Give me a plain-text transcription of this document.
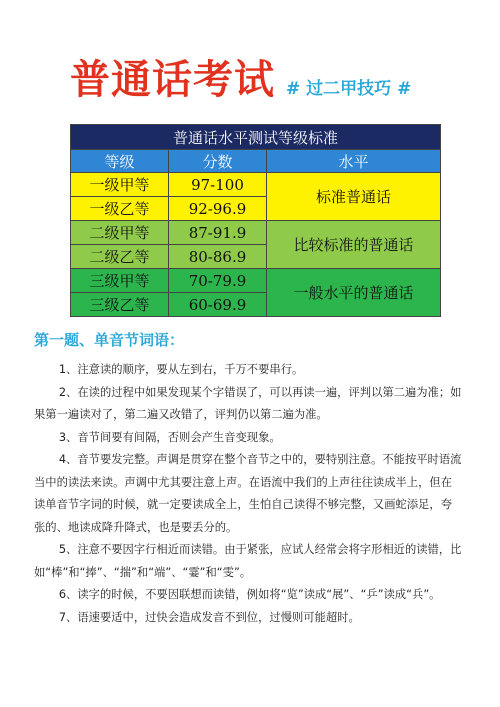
普通话考试 # 过二甲技巧 #
普通话水平测试等级标准		
等级	分数	水平
一级甲等	97-100	标准普通话
一级乙等	92-96.9	
二级甲等	87-91.9	比较标准的普通话
二级乙等	80-86.9	
三级甲等	70-79.9	一般水平的普通话
三级乙等	60-69.9	
第一题、单音节词语：

1、注意读的顺序，要从左到右，千万不要串行。

2、在读的过程中如果发现某个字错误了，可以再读一遍，评判以第二遍为准；如
果第一遍读对了，第二遍又改错了，评判仍以第二遍为准。

3、音节间要有间隔，否则会产生音变现象。

4、音节要发完整。声调是贯穿在整个音节之中的，要特别注意。不能按平时语流
当中的读法来读。声调中尤其要注意上声。在语流中我们的上声往往读成半上，但在
读单音节字词的时候，就一定要读成全上，生怕自己读得不够完整，又画蛇添足，夸
张的、地读成降升降式，也是要丢分的。

5、注意不要因字行相近而读错。由于紧张，应试人经常会将字形相近的读错，比
如“棒”和“捧”、“揣”和“端”、“霎”和“雯”。

6、读字的时候，不要因联想而读错，例如将“览”读成“展”、“乒”读成“兵”。

7、语速要适中，过快会造成发音不到位，过慢则可能超时。
